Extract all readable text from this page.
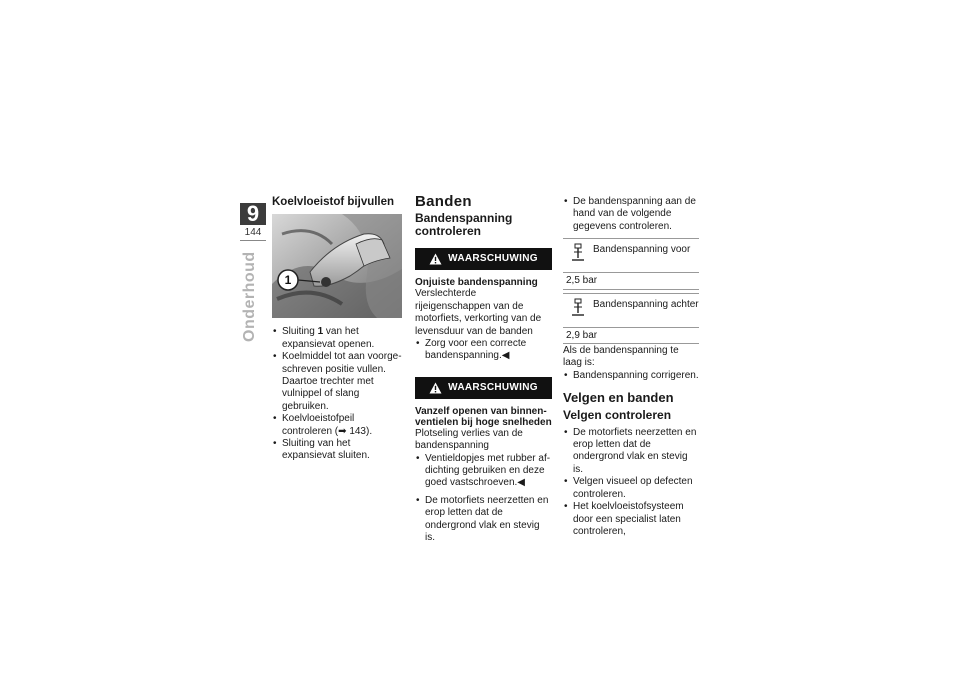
9
144
Onderhoud
Koelvloeistof bijvullen
1
• Sluiting 1 van het expansievat openen.
• Koelmiddel tot aan voorgeschreven positie vullen. Daartoe trechter met vulnippel of slang gebruiken.
• Koelvloeistofpeil controleren (➡ 143).
• Sluiting van het expansievat sluiten.
Banden
Bandenspanning controleren
WAARSCHUWING
Onjuiste bandenspanning
Verslechterde rijeigenschappen van de motorfiets, verkorting van de levensduur van de banden
• Zorg voor een correcte bandenspanning.◀
WAARSCHUWING
Vanzelf openen van binnenventielen bij hoge snelheden
Plotseling verlies van de bandenspanning
• Ventieldopjes met rubber afdichting gebruiken en deze goed vastschroeven.◀
• De motorfiets neerzetten en erop letten dat de ondergrond vlak en stevig is.
• De bandenspanning aan de hand van de volgende gegevens controleren.
Bandenspanning voor
2,5 bar
Bandenspanning achter
2,9 bar
Als de bandenspanning te laag is:
• Bandenspanning corrigeren.
Velgen en banden
Velgen controleren
• De motorfiets neerzetten en erop letten dat de ondergrond vlak en stevig is.
• Velgen visueel op defecten controleren.
• Het koelvloeistofsysteem door een specialist laten controleren,
